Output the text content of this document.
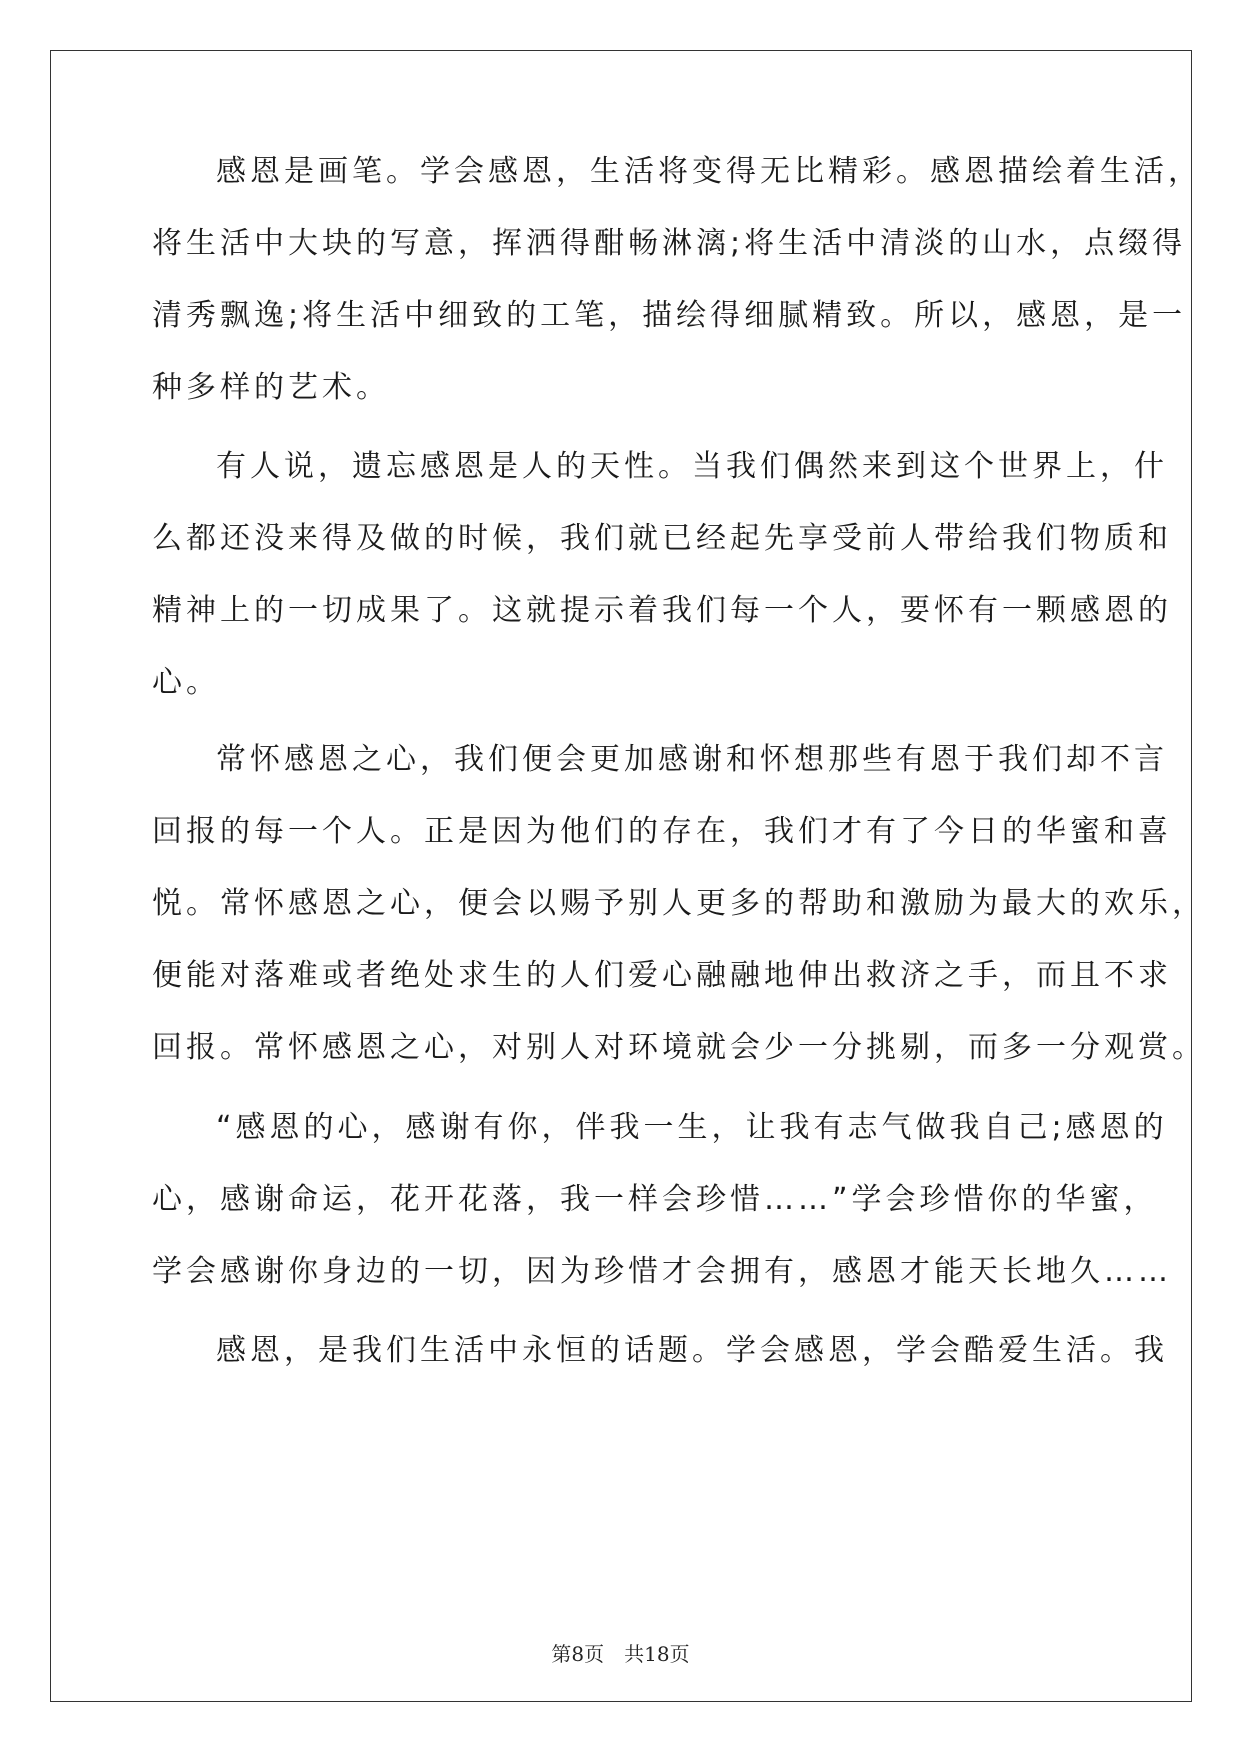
感恩是画笔。学会感恩，生活将变得无比精彩。感恩描绘着生活，
将生活中大块的写意，挥洒得酣畅淋漓;将生活中清淡的山水，点缀得
清秀飘逸;将生活中细致的工笔，描绘得细腻精致。所以，感恩，是一
种多样的艺术。
有人说，遗忘感恩是人的天性。当我们偶然来到这个世界上，什
么都还没来得及做的时候，我们就已经起先享受前人带给我们物质和
精神上的一切成果了。这就提示着我们每一个人，要怀有一颗感恩的
心。
常怀感恩之心，我们便会更加感谢和怀想那些有恩于我们却不言
回报的每一个人。正是因为他们的存在，我们才有了今日的华蜜和喜
悦。常怀感恩之心，便会以赐予别人更多的帮助和激励为最大的欢乐，
便能对落难或者绝处求生的人们爱心融融地伸出救济之手，而且不求
回报。常怀感恩之心，对别人对环境就会少一分挑剔，而多一分观赏。
“感恩的心，感谢有你，伴我一生，让我有志气做我自己;感恩的
心，感谢命运，花开花落，我一样会珍惜……”学会珍惜你的华蜜，
学会感谢你身边的一切，因为珍惜才会拥有，感恩才能天长地久……
感恩，是我们生活中永恒的话题。学会感恩，学会酷爱生活。我
第8页 共18页
